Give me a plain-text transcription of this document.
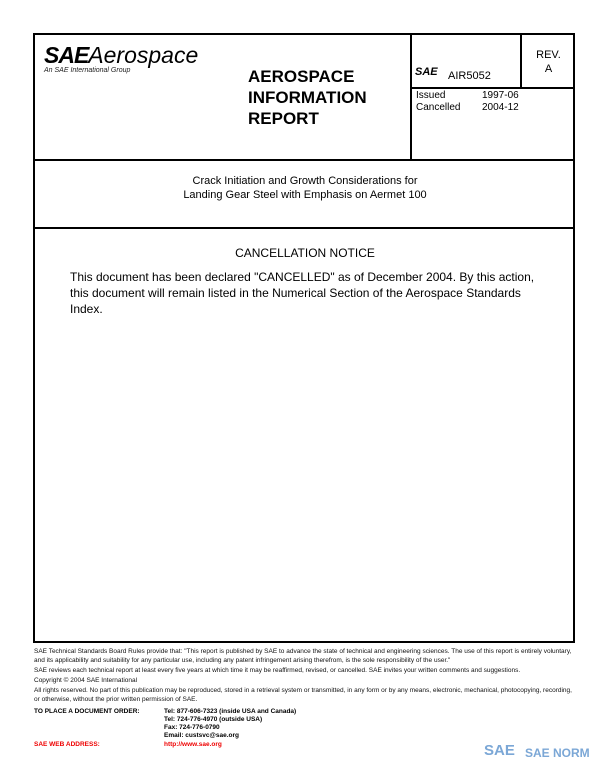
SAEAerospace
An SAE International Group	AEROSPACE
INFORMATION
REPORT
SAE AIR5052
REV.
A
Issued	1997-06
Cancelled 2004-12
Crack Initiation and Growth Considerations for
Landing Gear Steel with Emphasis on Aermet 100
CANCELLATION NOTICE
This document has been declared "CANCELLED" as of December 2004. By this action, this document will remain listed in the Numerical Section of the Aerospace Standards Index.
SAE Technical Standards Board Rules provide that: "This report is published by SAE to advance the state of technical and engineering sciences. The use of this report is entirely voluntary, and its applicability and suitability for any particular use, including any patent infringement arising therefrom, is the sole responsibility of the user."
SAE reviews each technical report at least every five years at which time it may be reaffirmed, revised, or cancelled. SAE invites your written comments and suggestions.
Copyright © 2004 SAE International
All rights reserved. No part of this publication may be reproduced, stored in a retrieval system or transmitted, in any form or by any means, electronic, mechanical, photocopying, recording, or otherwise, without the prior written permission of SAE.
TO PLACE A DOCUMENT ORDER:	Tel: 877-606-7323 (inside USA and Canada)
Tel: 724-776-4970 (outside USA)
Fax: 724-776-0790
Email: custsvc@sae.org
SAE WEB ADDRESS:	http://www.sae.org	SAE SAE NORM
